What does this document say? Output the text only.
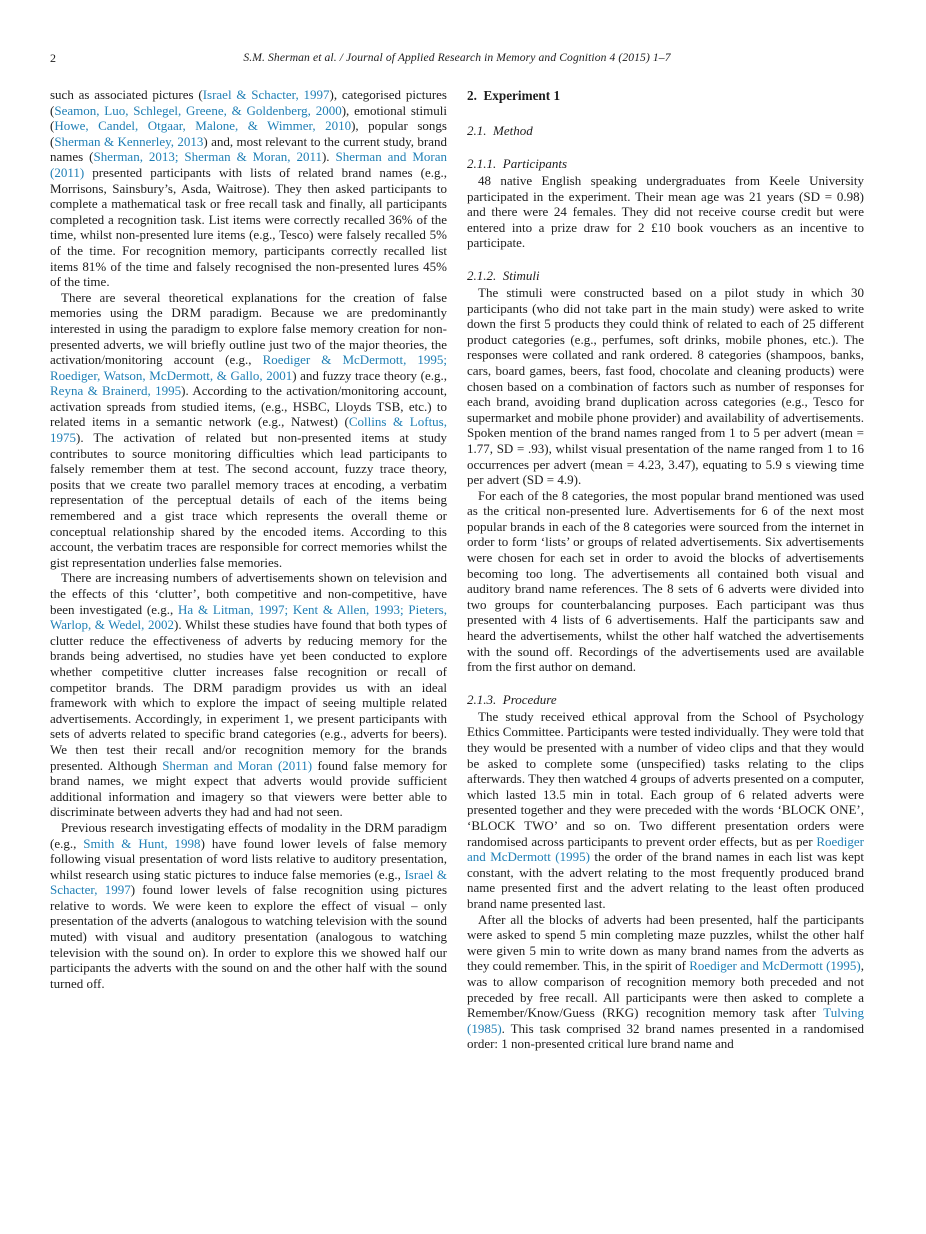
2	S.M. Sherman et al. / Journal of Applied Research in Memory and Cognition 4 (2015) 1–7

such as associated pictures (Israel & Schacter, 1997), categorised pictures (Seamon, Luo, Schlegel, Greene, & Goldenberg, 2000), emotional stimuli (Howe, Candel, Otgaar, Malone, & Wimmer, 2010), popular songs (Sherman & Kennerley, 2013) and, most relevant to the current study, brand names (Sherman, 2013; Sherman & Moran, 2011). Sherman and Moran (2011) presented participants with lists of related brand names (e.g., Morrisons, Sainsbury’s, Asda, Waitrose). They then asked participants to complete a mathematical task or free recall task and finally, all participants completed a recognition task. List items were correctly recalled 36% of the time, whilst non-presented lure items (e.g., Tesco) were falsely recalled 5% of the time. For recognition memory, participants correctly recalled list items 81% of the time and falsely recognised the non-presented lures 45% of the time.

There are several theoretical explanations for the creation of false memories using the DRM paradigm. Because we are predominantly interested in using the paradigm to explore false memory creation for non-presented adverts, we will briefly outline just two of the major theories, the activation/monitoring account (e.g., Roediger & McDermott, 1995; Roediger, Watson, McDermott, & Gallo, 2001) and fuzzy trace theory (e.g., Reyna & Brainerd, 1995). According to the activation/monitoring account, activation spreads from studied items, (e.g., HSBC, Lloyds TSB, etc.) to related items in a semantic network (e.g., Natwest) (Collins & Loftus, 1975). The activation of related but non-presented items at study contributes to source monitoring difficulties which lead participants to falsely remember them at test. The second account, fuzzy trace theory, posits that we create two parallel memory traces at encoding, a verbatim representation of the perceptual details of each of the items being remembered and a gist trace which represents the overall theme or conceptual relationship shared by the encoded items. According to this account, the verbatim traces are responsible for correct memories whilst the gist representation underlies false memories.

There are increasing numbers of advertisements shown on television and the effects of this ‘clutter’, both competitive and non-competitive, have been investigated (e.g., Ha & Litman, 1997; Kent & Allen, 1993; Pieters, Warlop, & Wedel, 2002). Whilst these studies have found that both types of clutter reduce the effectiveness of adverts by reducing memory for the brands being advertised, no studies have yet been conducted to explore whether competitive clutter increases false recognition or recall of competitor brands. The DRM paradigm provides us with an ideal framework with which to explore the impact of seeing multiple related advertisements. Accordingly, in experiment 1, we present participants with sets of adverts related to specific brand categories (e.g., adverts for beers). We then test their recall and/or recognition memory for the brands presented. Although Sherman and Moran (2011) found false memory for brand names, we might expect that adverts would provide sufficient additional information and imagery so that viewers were better able to discriminate between adverts they had and had not seen.

Previous research investigating effects of modality in the DRM paradigm (e.g., Smith & Hunt, 1998) have found lower levels of false memory following visual presentation of word lists relative to auditory presentation, whilst research using static pictures to induce false memories (e.g., Israel & Schacter, 1997) found lower levels of false recognition using pictures relative to words. We were keen to explore the effect of visual – only presentation of the adverts (analogous to watching television with the sound muted) with visual and auditory presentation (analogous to watching television with the sound on). In order to explore this we showed half our participants the adverts with the sound on and the other half with the sound turned off.

2.  Experiment 1
2.1.  Method
2.1.1.  Participants

48 native English speaking undergraduates from Keele University participated in the experiment. Their mean age was 21 years (SD = 0.98) and there were 24 females. They did not receive course credit but were entered into a prize draw for 2 £10 book vouchers as an incentive to participate.

2.1.2.  Stimuli

The stimuli were constructed based on a pilot study in which 30 participants (who did not take part in the main study) were asked to write down the first 5 products they could think of related to each of 25 different product categories (e.g., perfumes, soft drinks, mobile phones, etc.). The responses were collated and rank ordered. 8 categories (shampoos, banks, cars, board games, beers, fast food, chocolate and cleaning products) were chosen based on a combination of factors such as number of responses for each brand, avoiding brand duplication across categories (e.g., Tesco for supermarket and mobile phone provider) and availability of advertisements. Spoken mention of the brand names ranged from 1 to 5 per advert (mean = 1.77, SD = .93), whilst visual presentation of the name ranged from 1 to 16 occurrences per advert (mean = 4.23, 3.47), equating to 5.9 s viewing time per advert (SD = 4.9).

For each of the 8 categories, the most popular brand mentioned was used as the critical non-presented lure. Advertisements for 6 of the next most popular brands in each of the 8 categories were sourced from the internet in order to form ‘lists’ or groups of related advertisements. Six advertisements were chosen for each set in order to avoid the blocks of advertisements becoming too long. The advertisements all contained both visual and auditory brand name references. The 8 sets of 6 adverts were divided into two groups for counterbalancing purposes. Each participant was thus presented with 4 lists of 6 advertisements. Half the participants saw and heard the advertisements, whilst the other half watched the advertisements with the sound off. Recordings of the advertisements used are available from the first author on demand.

2.1.3.  Procedure

The study received ethical approval from the School of Psychology Ethics Committee. Participants were tested individually. They were told that they would be presented with a number of video clips and that they would be asked to complete some (unspecified) tasks relating to the clips afterwards. They then watched 4 groups of adverts presented on a computer, which lasted 13.5 min in total. Each group of 6 related adverts were presented together and they were preceded with the words ‘BLOCK ONE’, ‘BLOCK TWO’ and so on. Two different presentation orders were randomised across participants to prevent order effects, but as per Roediger and McDermott (1995) the order of the brand names in each list was kept constant, with the advert relating to the most frequently produced brand name presented first and the advert relating to the least often produced brand name presented last.

After all the blocks of adverts had been presented, half the participants were asked to spend 5 min completing maze puzzles, whilst the other half were given 5 min to write down as many brand names from the adverts as they could remember. This, in the spirit of Roediger and McDermott (1995), was to allow comparison of recognition memory both preceded and not preceded by free recall. All participants were then asked to complete a Remember/Know/Guess (RKG) recognition memory task after Tulving (1985). This task comprised 32 brand names presented in a randomised order: 1 non-presented critical lure brand name and
